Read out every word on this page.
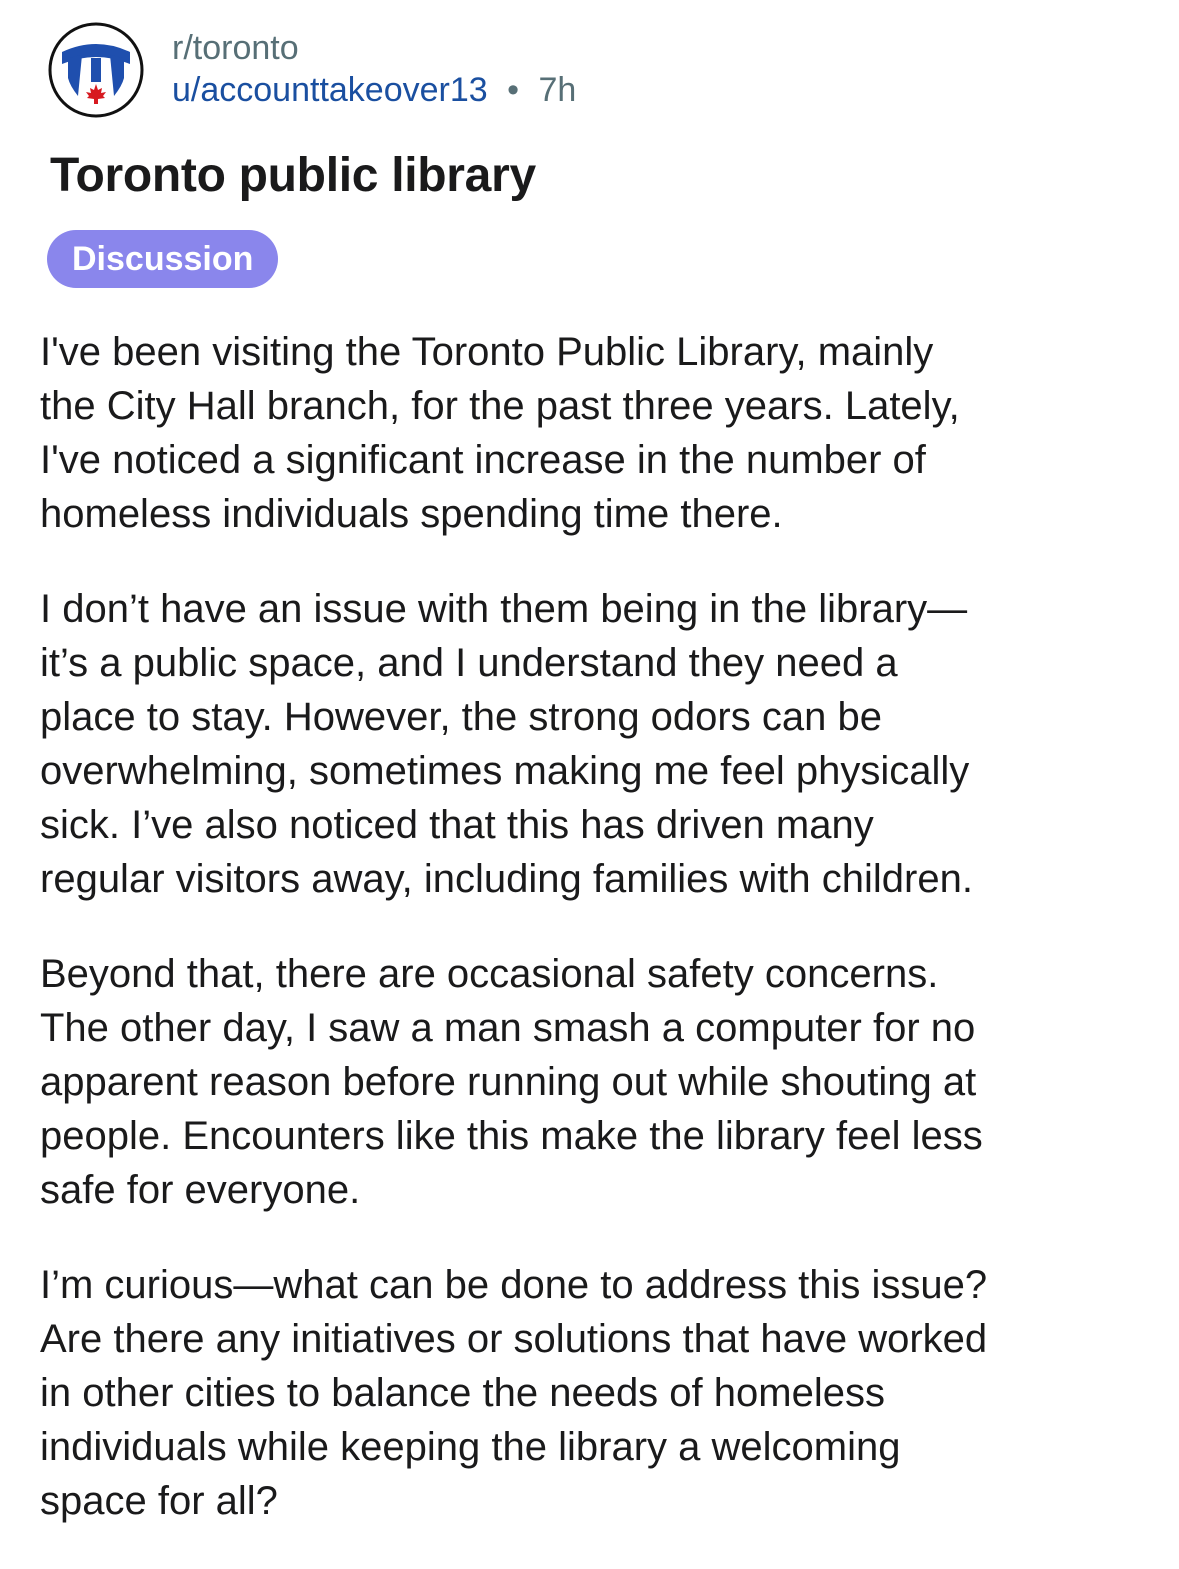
r/toronto
u/accounttakeover13 • 7h
Toronto public library
Discussion

I've been visiting the Toronto Public Library, mainly
the City Hall branch, for the past three years. Lately,
I've noticed a significant increase in the number of
homeless individuals spending time there.

I don’t have an issue with them being in the library—
it’s a public space, and I understand they need a
place to stay. However, the strong odors can be
overwhelming, sometimes making me feel physically
sick. I’ve also noticed that this has driven many
regular visitors away, including families with children.

Beyond that, there are occasional safety concerns.
The other day, I saw a man smash a computer for no
apparent reason before running out while shouting at
people. Encounters like this make the library feel less
safe for everyone.

I’m curious—what can be done to address this issue?
Are there any initiatives or solutions that have worked
in other cities to balance the needs of homeless
individuals while keeping the library a welcoming
space for all?
